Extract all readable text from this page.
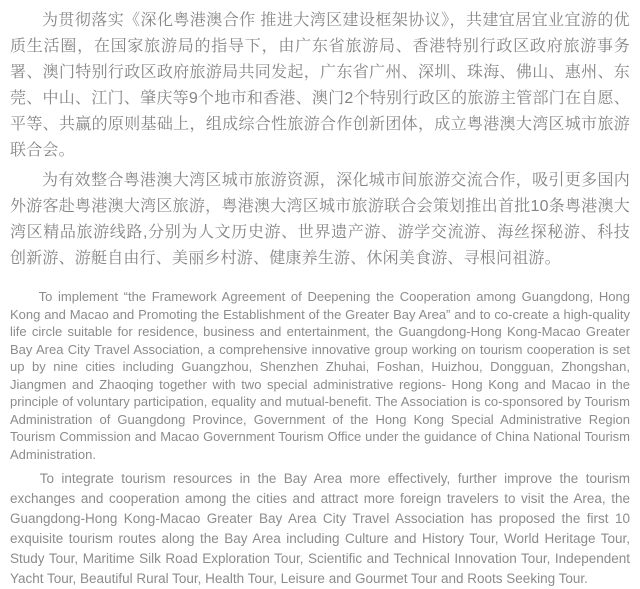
为贯彻落实《深化粤港澳合作 推进大湾区建设框架协议》，共建宜居宜业宜游的优质生活圈，在国家旅游局的指导下，由广东省旅游局、香港特别行政区政府旅游事务署、澳门特别行政区政府旅游局共同发起，广东省广州、深圳、珠海、佛山、惠州、东莞、中山、江门、肇庆等9个地市和香港、澳门2个特别行政区的旅游主管部门在自愿、平等、共赢的原则基础上，组成综合性旅游合作创新团体，成立粤港澳大湾区城市旅游联合会。

为有效整合粤港澳大湾区城市旅游资源，深化城市间旅游交流合作，吸引更多国内外游客赴粤港澳大湾区旅游，粤港澳大湾区城市旅游联合会策划推出首批10条粤港澳大湾区精品旅游线路,分别为人文历史游、世界遗产游、游学交流游、海丝探秘游、科技创新游、游艇自由行、美丽乡村游、健康养生游、休闲美食游、寻根问祖游。

To implement “the Framework Agreement of Deepening the Cooperation among Guangdong, Hong Kong and Macao and Promoting the Establishment of the Greater Bay Area” and to co-create a high-quality life circle suitable for residence, business and entertainment, the Guangdong-Hong Kong-Macao Greater Bay Area City Travel Association, a comprehensive innovative group working on tourism cooperation is set up by nine cities including Guangzhou, Shenzhen Zhuhai, Foshan, Huizhou, Dongguan, Zhongshan, Jiangmen and Zhaoqing together with two special administrative regions- Hong Kong and Macao in the principle of voluntary participation, equality and mutual-benefit. The Association is co-sponsored by Tourism Administration of Guangdong Province, Government of the Hong Kong Special Administrative Region Tourism Commission and Macao Government Tourism Office under the guidance of China National Tourism Administration.

To integrate tourism resources in the Bay Area more effectively, further improve the tourism exchanges and cooperation among the cities and attract more foreign travelers to visit the Area, the Guangdong-Hong Kong-Macao Greater Bay Area City Travel Association has proposed the first 10 exquisite tourism routes along the Bay Area including Culture and History Tour, World Heritage Tour, Study Tour, Maritime Silk Road Exploration Tour, Scientific and Technical Innovation Tour, Independent Yacht Tour, Beautiful Rural Tour, Health Tour, Leisure and Gourmet Tour and Roots Seeking Tour.
